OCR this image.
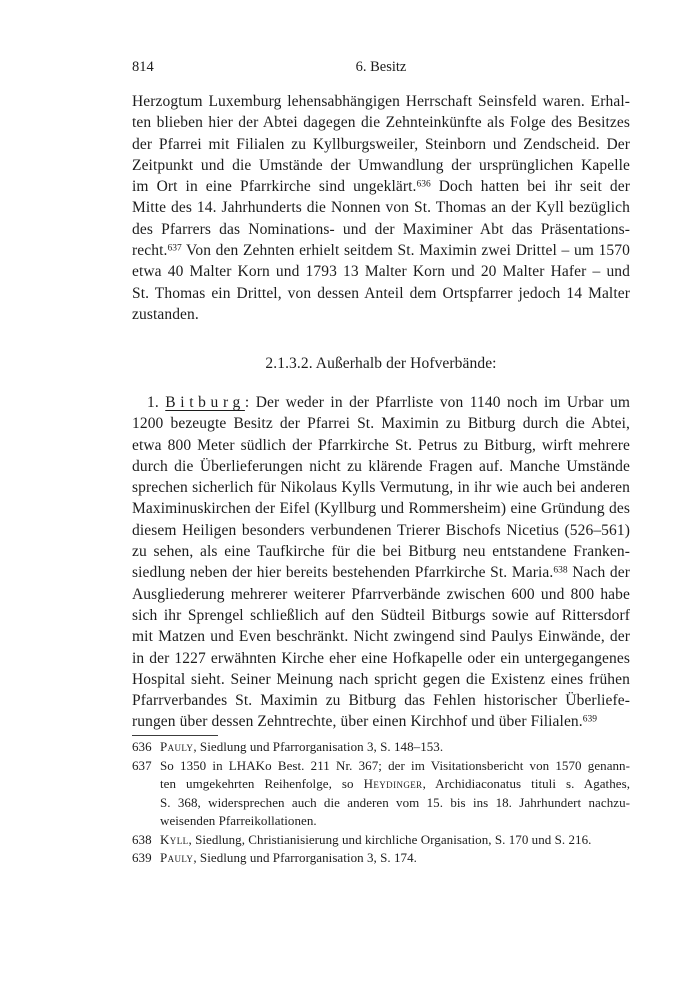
814	6. Besitz
Herzogtum Luxemburg lehensabhängigen Herrschaft Seinsfeld waren. Erhal-
ten blieben hier der Abtei dagegen die Zehnteinkünfte als Folge des Besitzes
der Pfarrei mit Filialen zu Kyllburgsweiler, Steinborn und Zendscheid. Der
Zeitpunkt und die Umstände der Umwandlung der ursprünglichen Kapelle
im Ort in eine Pfarrkirche sind ungeklärt.$^{636}$ Doch hatten bei ihr seit der
Mitte des 14. Jahrhunderts die Nonnen von St. Thomas an der Kyll bezüglich
des Pfarrers das Nominations- und der Maximiner Abt das Präsentations-
recht.$^{637}$ Von den Zehnten erhielt seitdem St. Maximin zwei Drittel – um 1570
etwa 40 Malter Korn und 1793 13 Malter Korn und 20 Malter Hafer – und
St. Thomas ein Drittel, von dessen Anteil dem Ortspfarrer jedoch 14 Malter
zustanden.
2.1.3.2. Außerhalb der Hofverbände:
1. Bitburg: Der weder in der Pfarrliste von 1140 noch im Urbar um
1200 bezeugte Besitz der Pfarrei St. Maximin zu Bitburg durch die Abtei,
etwa 800 Meter südlich der Pfarrkirche St. Petrus zu Bitburg, wirft mehrere
durch die Überlieferungen nicht zu klärende Fragen auf. Manche Umstände
sprechen sicherlich für Nikolaus Kylls Vermutung, in ihr wie auch bei anderen
Maximinuskirchen der Eifel (Kyllburg und Rommersheim) eine Gründung des
diesem Heiligen besonders verbundenen Trierer Bischofs Nicetius (526–561)
zu sehen, als eine Taufkirche für die bei Bitburg neu entstandene Franken-
siedlung neben der hier bereits bestehenden Pfarrkirche St. Maria.$^{638}$ Nach der
Ausgliederung mehrerer weiterer Pfarrverbände zwischen 600 und 800 habe
sich ihr Sprengel schließlich auf den Südteil Bitburgs sowie auf Rittersdorf
mit Matzen und Even beschränkt. Nicht zwingend sind Paulys Einwände, der
in der 1227 erwähnten Kirche eher eine Hofkapelle oder ein untergegangenes
Hospital sieht. Seiner Meinung nach spricht gegen die Existenz eines frühen
Pfarrverbandes St. Maximin zu Bitburg das Fehlen historischer Überliefe-
rungen über dessen Zehntrechte, über einen Kirchhof und über Filialen.$^{639}$
636 Pauly, Siedlung und Pfarrorganisation 3, S. 148–153.
637 So 1350 in LHAKo Best. 211 Nr. 367; der im Visitationsbericht von 1570 genann-
ten umgekehrten Reihenfolge, so Heydinger, Archidiaconatus tituli s. Agathes,
S. 368, widersprechen auch die anderen vom 15. bis ins 18. Jahrhundert nachzu-
weisenden Pfarreikollationen.
638 Kyll, Siedlung, Christianisierung und kirchliche Organisation, S. 170 und S. 216.
639 Pauly, Siedlung und Pfarrorganisation 3, S. 174.
